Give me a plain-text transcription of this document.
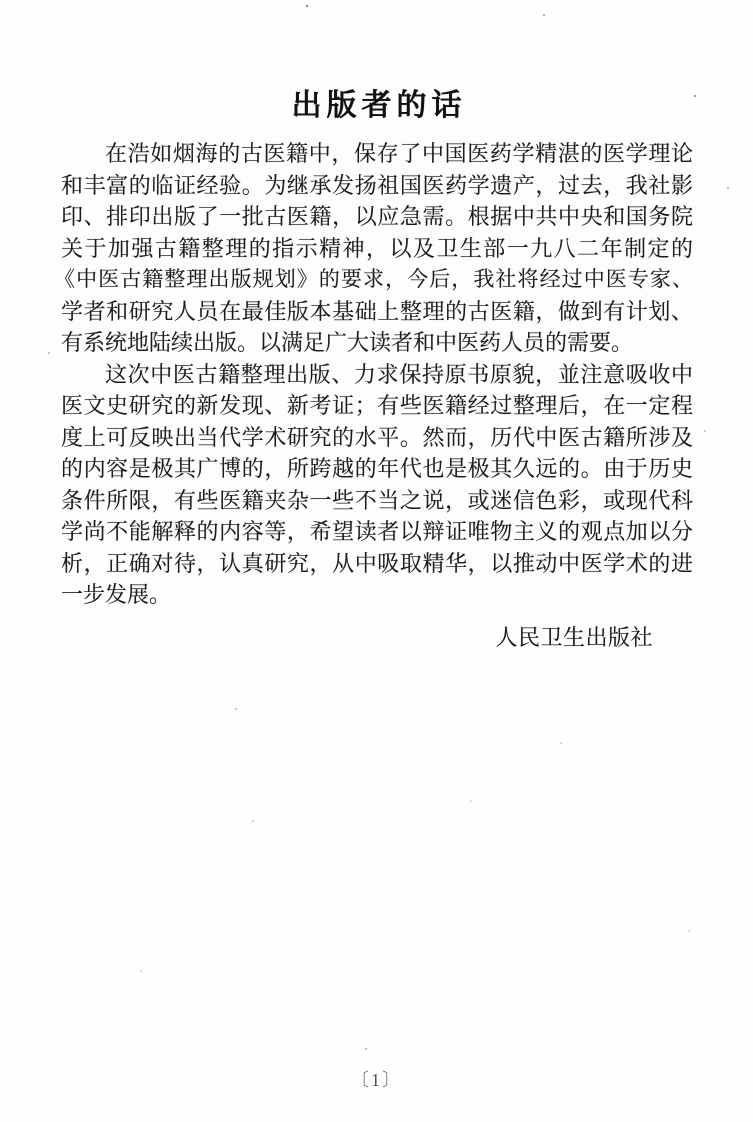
出版者的话
在浩如烟海的古医籍中，保存了中国医药学精湛的医学理论
和丰富的临证经验。为继承发扬祖国医药学遗产，过去，我社影
印、排印出版了一批古医籍，以应急需。根据中共中央和国务院
关于加强古籍整理的指示精神，以及卫生部一九八二年制定的
《中医古籍整理出版规划》的要求，今后，我社将经过中医专家、
学者和研究人员在最佳版本基础上整理的古医籍，做到有计划、
有系统地陆续出版。以满足广大读者和中医药人员的需要。
这次中医古籍整理出版、力求保持原书原貌，並注意吸收中
医文史研究的新发现、新考证；有些医籍经过整理后，在一定程
度上可反映出当代学术研究的水平。然而，历代中医古籍所涉及
的内容是极其广博的，所跨越的年代也是极其久远的。由于历史
条件所限，有些医籍夹杂一些不当之说，或迷信色彩，或现代科
学尚不能解释的内容等，希望读者以辩证唯物主义的观点加以分
析，正确对待，认真研究，从中吸取精华，以推动中医学术的进
一步发展。
人民卫生出版社
〔1〕
